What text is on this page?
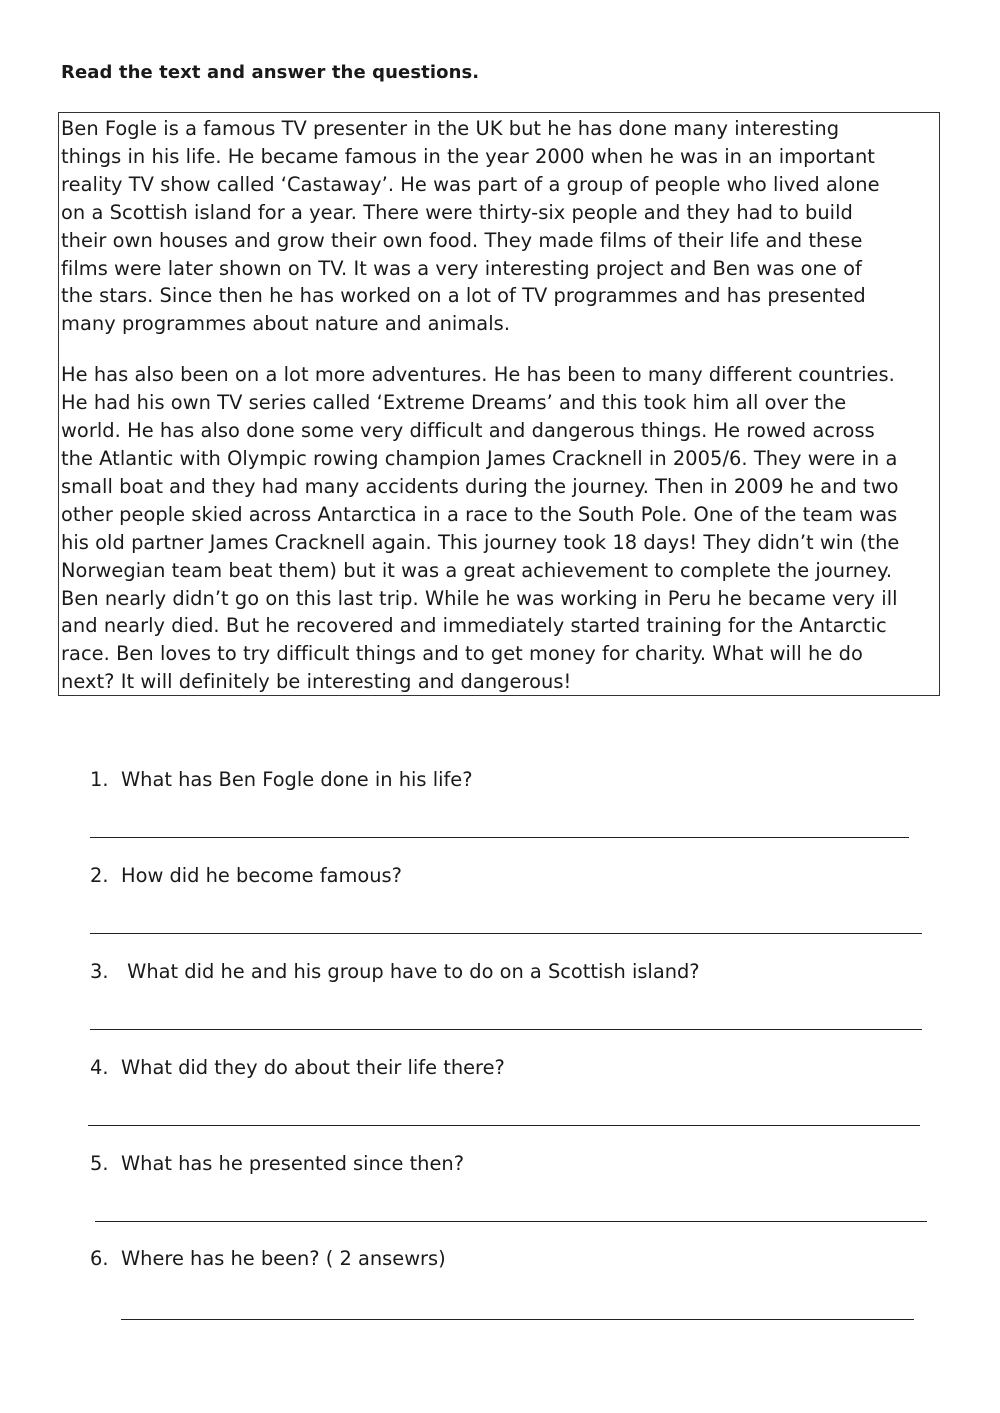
Read the text and answer the questions.

Ben Fogle is a famous TV presenter in the UK but he has done many interesting
things in his life. He became famous in the year 2000 when he was in an important
reality TV show called ‘Castaway’. He was part of a group of people who lived alone
on a Scottish island for a year. There were thirty-six people and they had to build
their own houses and grow their own food. They made films of their life and these
films were later shown on TV. It was a very interesting project and Ben was one of
the stars. Since then he has worked on a lot of TV programmes and has presented
many programmes about nature and animals.

He has also been on a lot more adventures. He has been to many different countries.
He had his own TV series called ‘Extreme Dreams’ and this took him all over the
world. He has also done some very difficult and dangerous things. He rowed across
the Atlantic with Olympic rowing champion James Cracknell in 2005/6. They were in a
small boat and they had many accidents during the journey. Then in 2009 he and two
other people skied across Antarctica in a race to the South Pole. One of the team was
his old partner James Cracknell again. This journey took 18 days! They didn’t win (the
Norwegian team beat them) but it was a great achievement to complete the journey.
Ben nearly didn’t go on this last trip. While he was working in Peru he became very ill
and nearly died. But he recovered and immediately started training for the Antarctic
race. Ben loves to try difficult things and to get money for charity. What will he do
next? It will definitely be interesting and dangerous!

1. What has Ben Fogle done in his life?
2. How did he become famous?
3. What did he and his group have to do on a Scottish island?
4. What did they do about their life there?
5. What has he presented since then?
6. Where has he been? ( 2 ansewrs)
